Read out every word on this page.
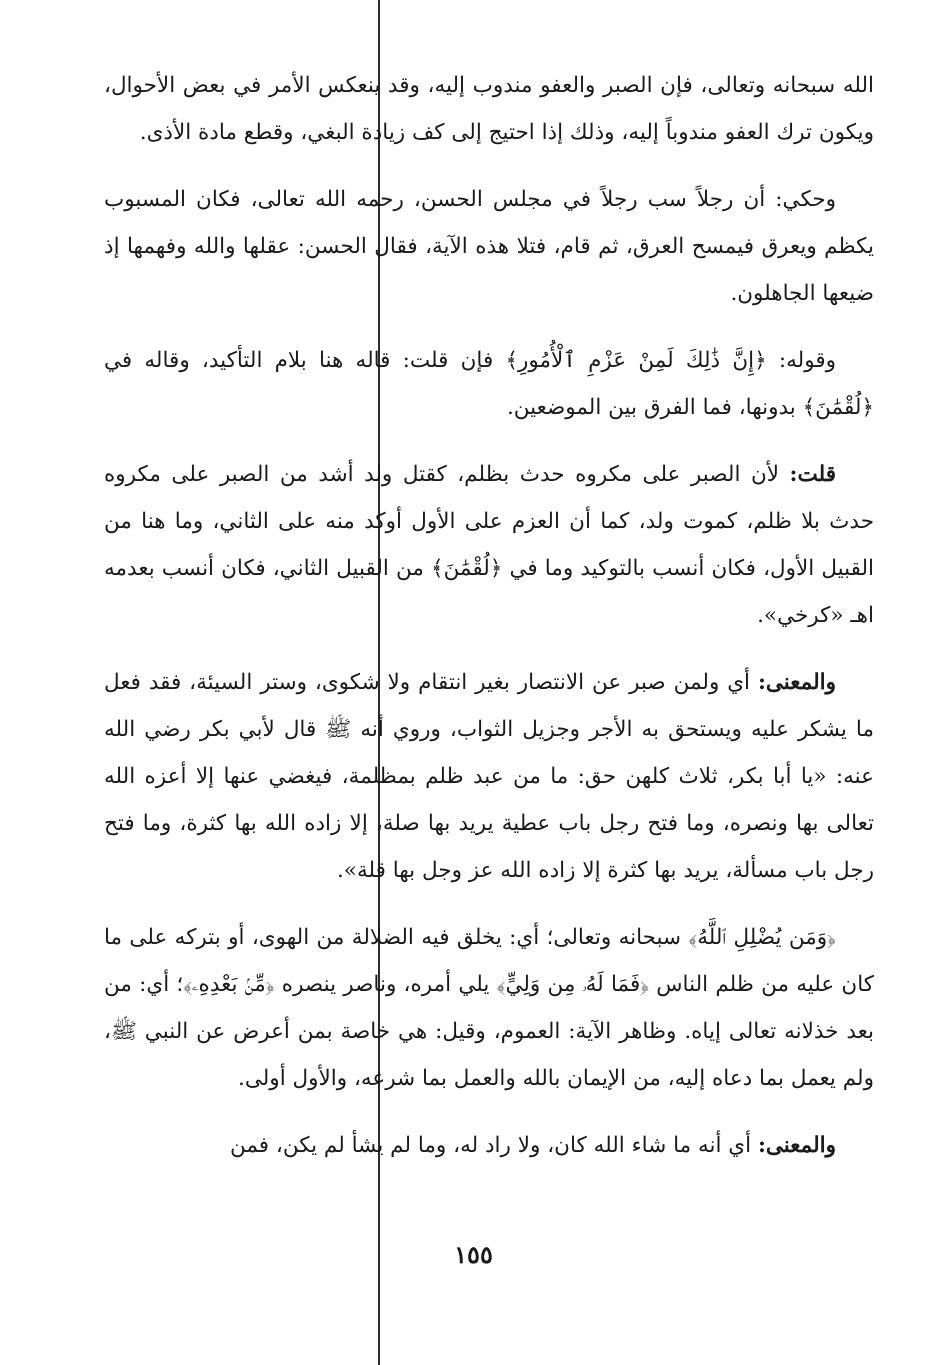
الله سبحانه وتعالى، فإن الصبر والعفو مندوب إليه، وقد ينعكس الأمر في بعض الأحوال، ويكون ترك العفو مندوباً إليه، وذلك إذا احتيج إلى كف زيادة البغي، وقطع مادة الأذى.

وحكي: أن رجلاً سب رجلاً في مجلس الحسن، رحمه الله تعالى، فكان المسبوب يكظم ويعرق فيمسح العرق، ثم قام، فتلا هذه الآية، فقال الحسن: عقلها والله وفهمها إذ ضيعها الجاهلون.

وقوله: ﴿إِنَّ ذَٰلِكَ لَمِنْ عَزْمِ ٱلْأُمُورِ﴾ فإن قلت: قاله هنا بلام التأكيد، وقاله في ﴿لُقْمَٰنَ﴾ بدونها، فما الفرق بين الموضعين.

قلت: لأن الصبر على مكروه حدث بظلم، كقتل ولد أشد من الصبر على مكروه حدث بلا ظلم، كموت ولد، كما أن العزم على الأول أوكد منه على الثاني، وما هنا من القبيل الأول، فكان أنسب بالتوكيد وما في ﴿لُقْمَٰنَ﴾ من القبيل الثاني، فكان أنسب بعدمه اهـ «كرخي».

والمعنى: أي ولمن صبر عن الانتصار بغير انتقام ولا شكوى، وستر السيئة، فقد فعل ما يشكر عليه ويستحق به الأجر وجزيل الثواب، وروي أنه ﷺ قال لأبي بكر رضي الله عنه: «يا أبا بكر، ثلاث كلهن حق: ما من عبد ظلم بمظلمة، فيغضي عنها إلا أعزه الله تعالى بها ونصره، وما فتح رجل باب عطية يريد بها صلة، إلا زاده الله بها كثرة، وما فتح رجل باب مسألة، يريد بها كثرة إلا زاده الله عز وجل بها قلة».

﴿وَمَن يُضْلِلِ ٱللَّهُ﴾ سبحانه وتعالى؛ أي: يخلق فيه الضلالة من الهوى، أو بتركه على ما كان عليه من ظلم الناس ﴿فَمَا لَهُۥ مِن وَلِيٍّ﴾ يلي أمره، وناصر ينصره ﴿مِّنۢ بَعْدِهِۦ﴾؛ أي: من بعد خذلانه تعالى إياه. وظاهر الآية: العموم، وقيل: هي خاصة بمن أعرض عن النبي ﷺ، ولم يعمل بما دعاه إليه، من الإيمان بالله والعمل بما شرعه، والأول أولى.

والمعنى: أي أنه ما شاء الله كان، ولا راد له، وما لم يشأ لم يكن، فمن

١٥٥
